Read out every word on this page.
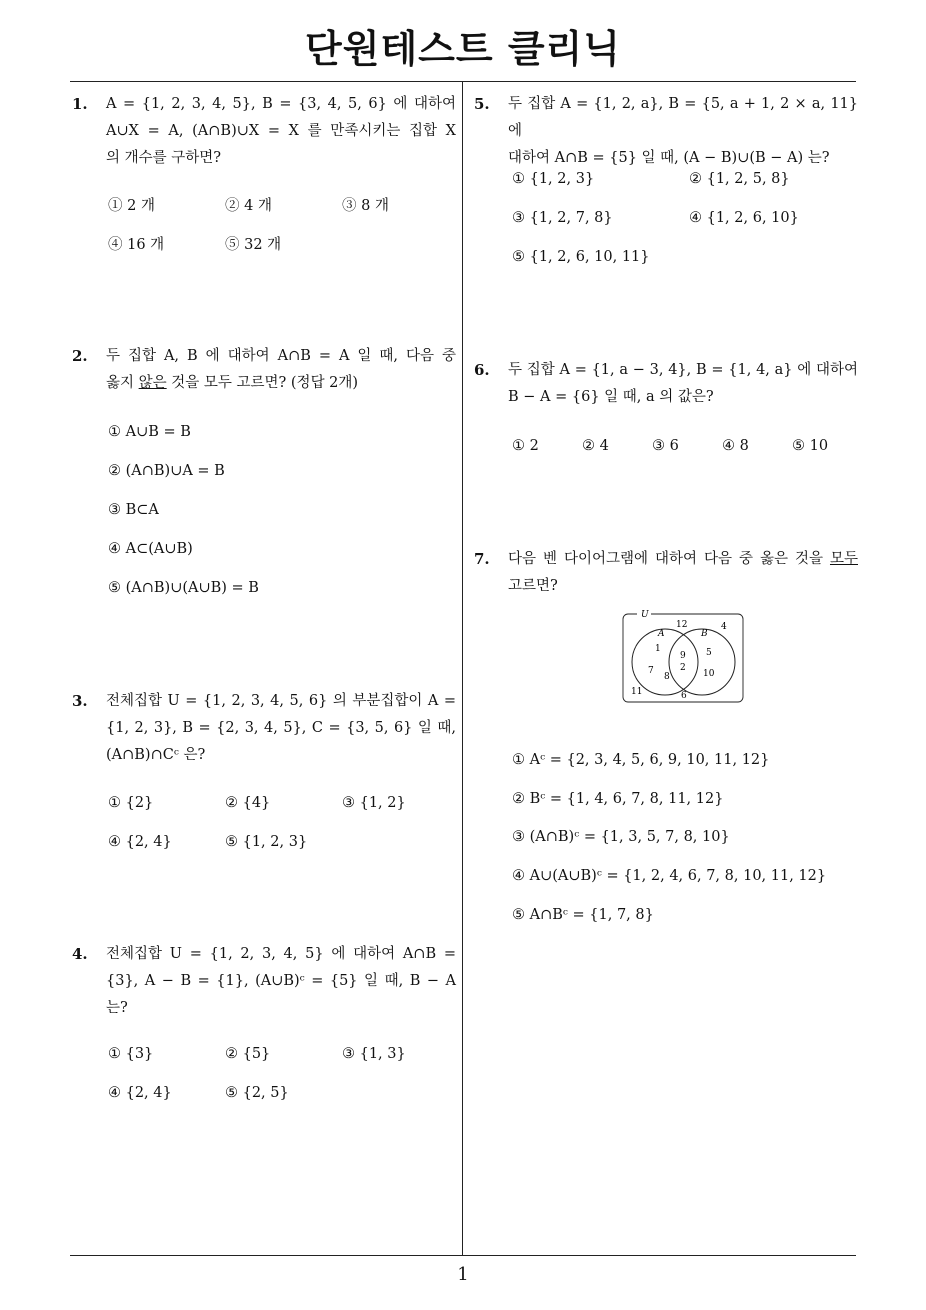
단원테스트 클리닉
1
1. A = {1, 2, 3, 4, 5}, B = {3, 4, 5, 6} 에 대하여
A∪X = A, (A∩B)∪X = X 를 만족시키는 집합 X
의 개수를 구하면?
① 2 개	② 4 개	③ 8 개
④ 16 개	⑤ 32 개
2. 두 집합 A, B 에 대하여 A∩B = A 일 때, 다음 중
옳지 않은 것을 모두 고르면? (정답 2개)
① A∪B = B
② (A∩B)∪A = B
③ B⊂A
④ A⊂(A∪B)
⑤ (A∩B)∪(A∪B) = B
3. 전체집합 U = {1, 2, 3, 4, 5, 6} 의 부분집합이 A =
{1, 2, 3}, B = {2, 3, 4, 5}, C = {3, 5, 6} 일 때,
(A∩B)∩Cᶜ 은?
① {2}	② {4}	③ {1, 2}
④ {2, 4}	⑤ {1, 2, 3}
4. 전체집합 U = {1, 2, 3, 4, 5} 에 대하여 A∩B =
{3}, A − B = {1}, (A∪B)ᶜ = {5} 일 때, B − A
는?
① {3}	② {5}	③ {1, 3}
④ {2, 4}	⑤ {2, 5}
5. 두 집합 A = {1, 2, a}, B = {5, a + 1, 2 × a, 11} 에
대하여 A∩B = {5} 일 때, (A − B)∪(B − A) 는?
① {1, 2, 3}	② {1, 2, 5, 8}
③ {1, 2, 7, 8}	④ {1, 2, 6, 10}
⑤ {1, 2, 6, 10, 11}
6. 두 집합 A = {1, a − 3, 4}, B = {1, 4, a} 에 대하여
B − A = {6} 일 때, a 의 값은?
① 2	② 4	③ 6	④ 8	⑤ 10
7. 다음 벤 다이어그램에 대하여 다음 중 옳은 것을 모두
고르면?
U
A	B
12	4
1
9 5
2
7
8	10
11	6
① Aᶜ = {2, 3, 4, 5, 6, 9, 10, 11, 12}
② Bᶜ = {1, 4, 6, 7, 8, 11, 12}
③ (A∩B)ᶜ = {1, 3, 5, 7, 8, 10}
④ A∪(A∪B)ᶜ = {1, 2, 4, 6, 7, 8, 10, 11, 12}
⑤ A∩Bᶜ = {1, 7, 8}
